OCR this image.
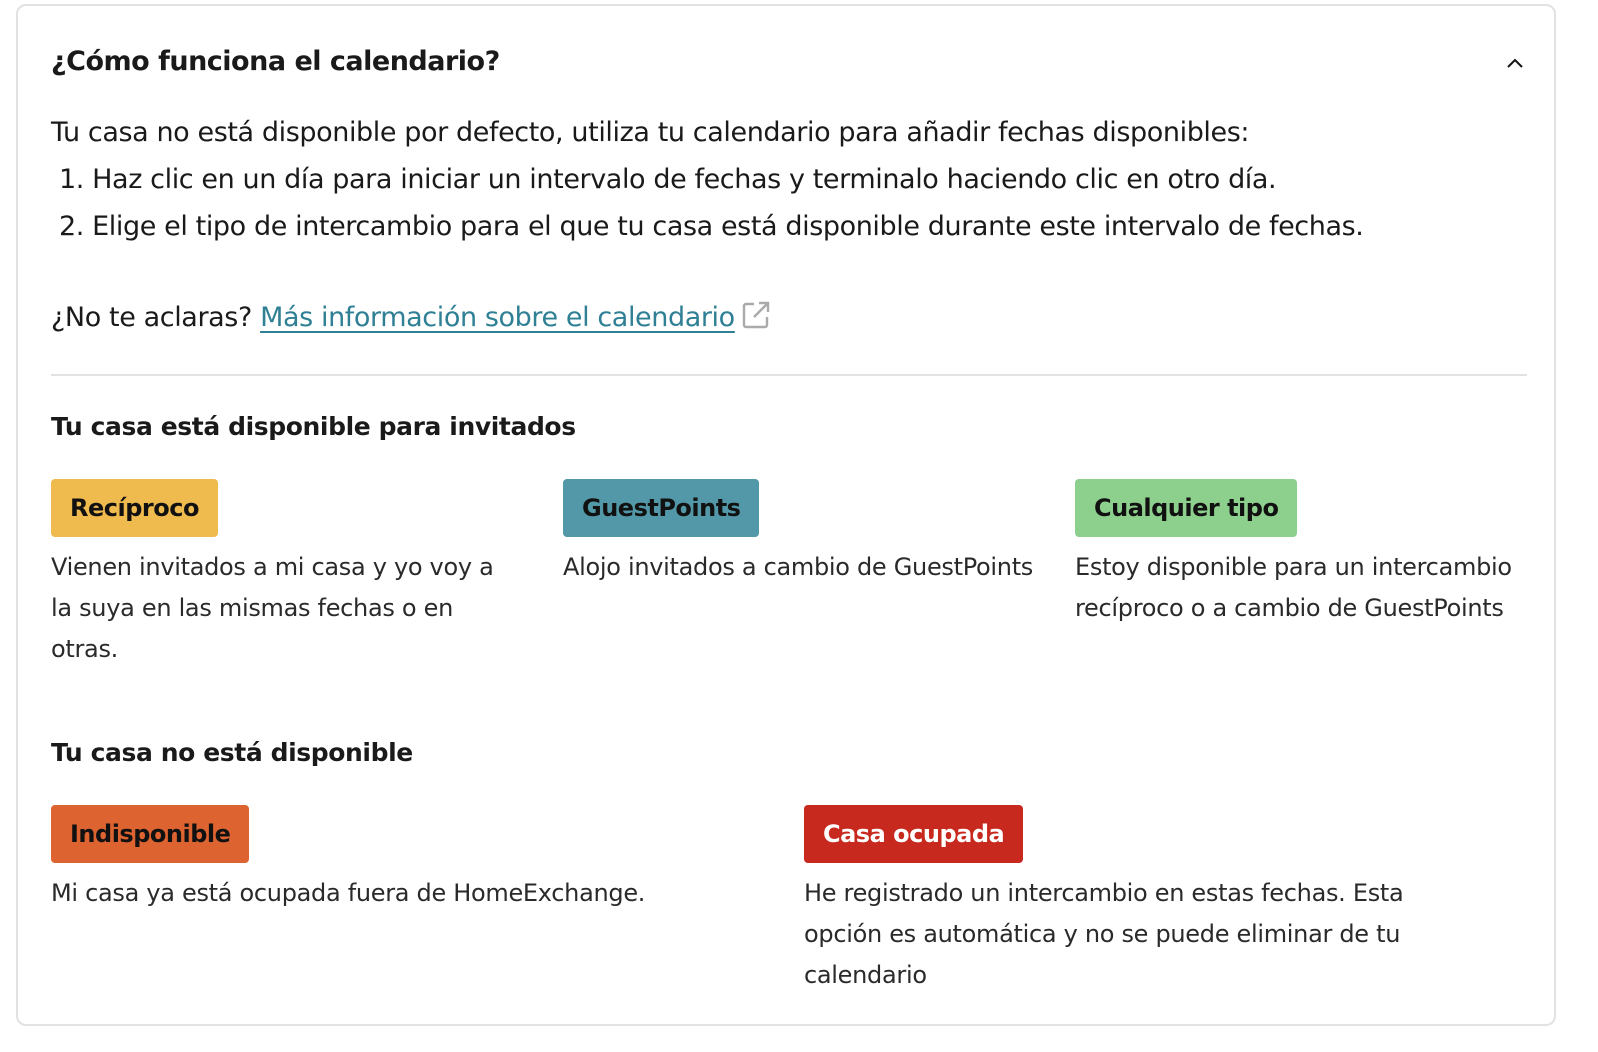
¿Cómo funciona el calendario?
Tu casa no está disponible por defecto, utiliza tu calendario para añadir fechas disponibles:
1. Haz clic en un día para iniciar un intervalo de fechas y terminalo haciendo clic en otro día.
2. Elige el tipo de intercambio para el que tu casa está disponible durante este intervalo de fechas.
¿No te aclaras? Más información sobre el calendario
Tu casa está disponible para invitados
Recíproco
Vienen invitados a mi casa y yo voy a la suya en las mismas fechas o en otras.
GuestPoints
Alojo invitados a cambio de GuestPoints
Cualquier tipo
Estoy disponible para un intercambio recíproco o a cambio de GuestPoints
Tu casa no está disponible
Indisponible
Mi casa ya está ocupada fuera de HomeExchange.
Casa ocupada
He registrado un intercambio en estas fechas. Esta opción es automática y no se puede eliminar de tu calendario
